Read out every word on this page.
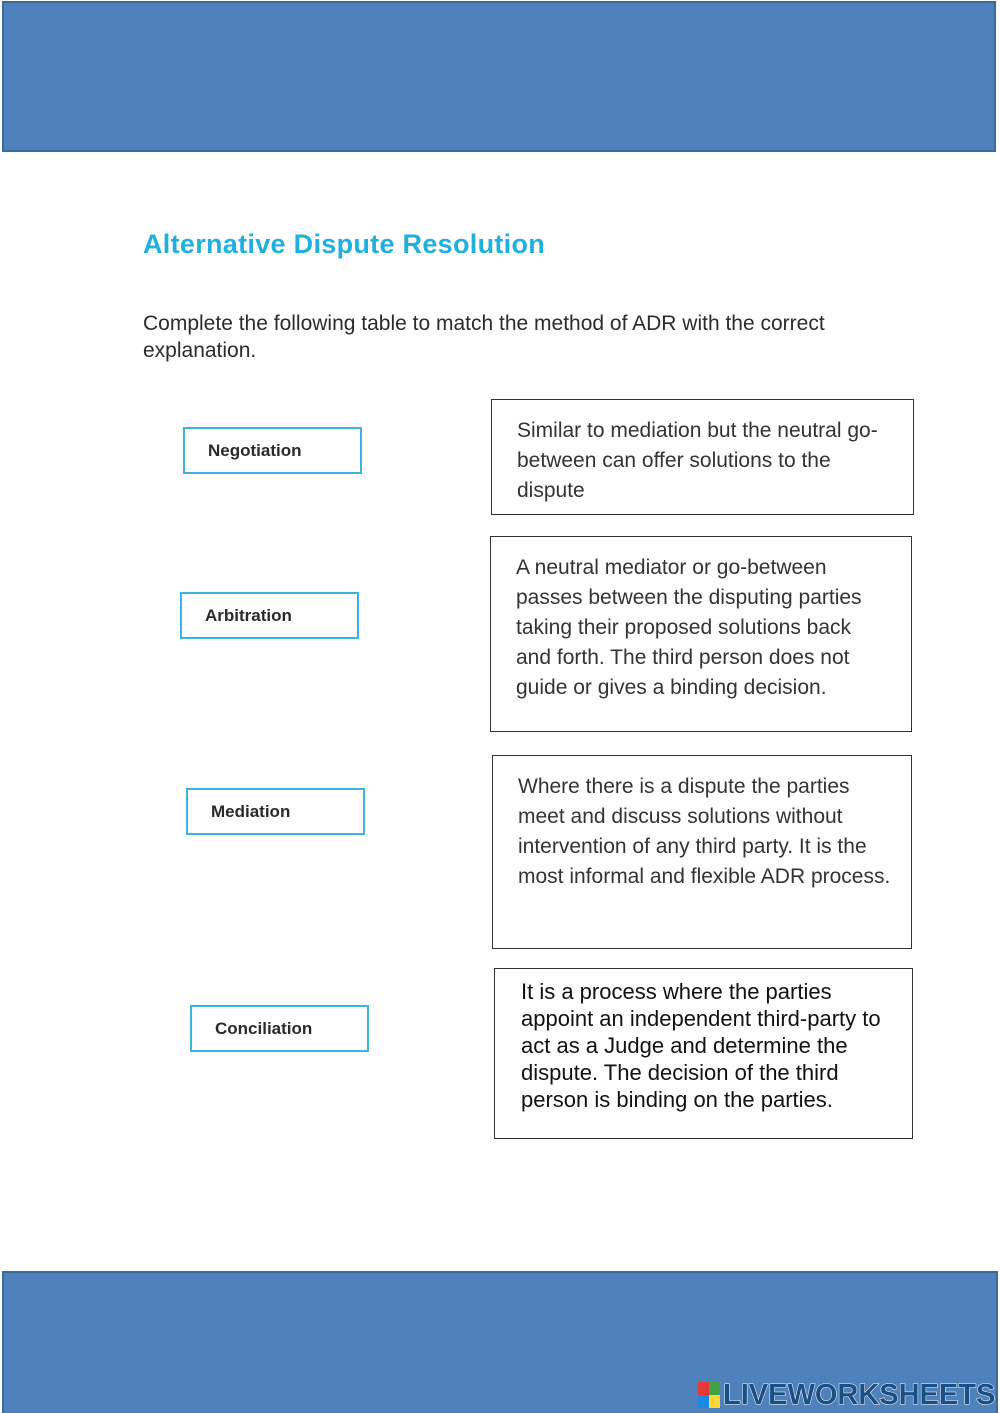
Alternative Dispute Resolution

Complete the following table to match the method of ADR with the correct explanation.

Negotiation
Arbitration
Mediation
Conciliation
Similar to mediation but the neutral go-between can offer solutions to the dispute
A neutral mediator or go-between passes between the disputing parties taking their proposed solutions back and forth. The third person does not guide or gives a binding decision.
Where there is a dispute the parties meet and discuss solutions without intervention of any third party. It is the most informal and flexible ADR process.
It is a process where the parties appoint an independent third-party to act as a Judge and determine the dispute. The decision of the third person is binding on the parties.
LIVEWORKSHEETS
